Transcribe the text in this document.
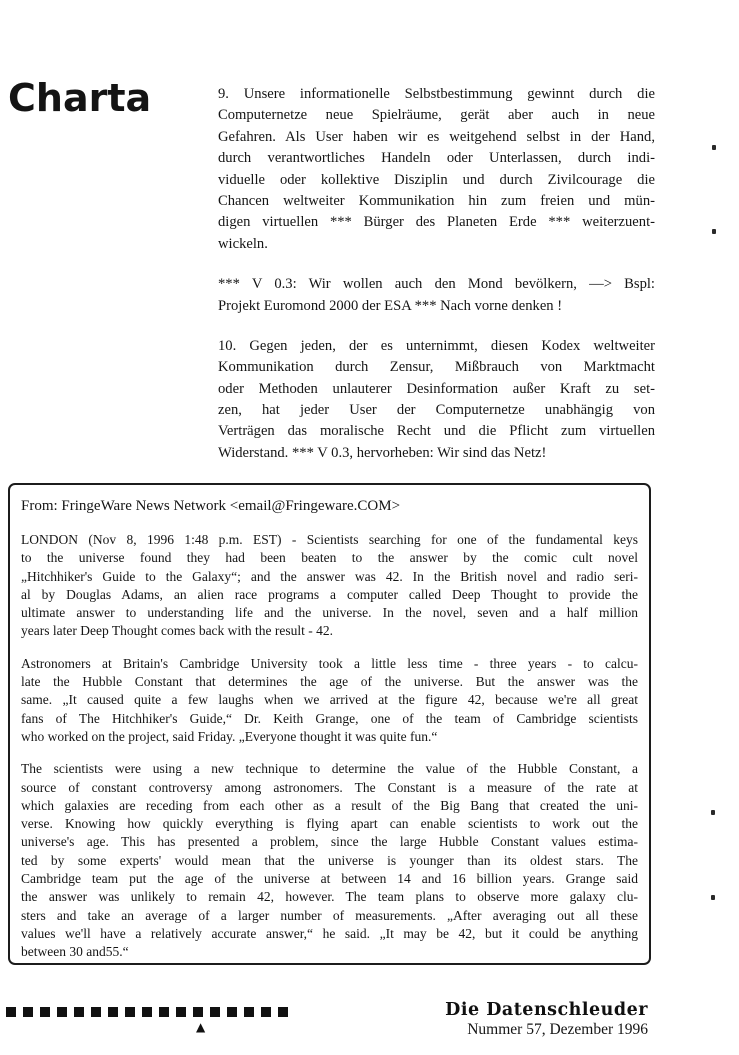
Charta	9. Unsere informationelle Selbstbestimmung gewinnt durch die
Computernetze neue Spielräume, gerät aber auch in neue
Gefahren. Als User haben wir es weitgehend selbst in der Hand,
durch verantwortliches Handeln oder Unterlassen, durch indi-
viduelle oder kollektive Disziplin und durch Zivilcourage die
Chancen weltweiter Kommunikation hin zum freien und mün-
digen virtuellen *** Bürger des Planeten Erde *** weiterzuent-
wickeln.
*** V 0.3: Wir wollen auch den Mond bevölkern, —> Bspl:
Projekt Euromond 2000 der ESA *** Nach vorne denken !
10. Gegen jeden, der es unternimmt, diesen Kodex weltweiter
Kommunikation durch Zensur, Mißbrauch von Marktmacht
oder Methoden unlauterer Desinformation außer Kraft zu set-
zen, hat jeder User der Computernetze unabhängig von
Verträgen das moralische Recht und die Pflicht zum virtuellen
Widerstand. *** V 0.3, hervorheben: Wir sind das Netz!
From: FringeWare News Network <email@Fringeware.COM>
LONDON (Nov 8, 1996 1:48 p.m. EST) - Scientists searching for one of the fundamental keys
to the universe found they had been beaten to the answer by the comic cult novel
„Hitchhiker's Guide to the Galaxy“; and the answer was 42. In the British novel and radio seri-
al by Douglas Adams, an alien race programs a computer called Deep Thought to provide the
ultimate answer to understanding life and the universe. In the novel, seven and a half million
years later Deep Thought comes back with the result - 42.
Astronomers at Britain's Cambridge University took a little less time - three years - to calcu-
late the Hubble Constant that determines the age of the universe. But the answer was the
same. „It caused quite a few laughs when we arrived at the figure 42, because we're all great
fans of The Hitchhiker's Guide,“ Dr. Keith Grange, one of the team of Cambridge scientists
who worked on the project, said Friday. „Everyone thought it was quite fun.“
The scientists were using a new technique to determine the value of the Hubble Constant, a
source of constant controversy among astronomers. The Constant is a measure of the rate at
which galaxies are receding from each other as a result of the Big Bang that created the uni-
verse. Knowing how quickly everything is flying apart can enable scientists to work out the
universe's age. This has presented a problem, since the large Hubble Constant values estima-
ted by some experts' would mean that the universe is younger than its oldest stars. The
Cambridge team put the age of the universe at between 14 and 16 billion years. Grange said
the answer was unlikely to remain 42, however. The team plans to observe more galaxy clu-
sters and take an average of a larger number of measurements. „After averaging out all these
values we'll have a relatively accurate answer,“ he said. „It may be 42, but it could be anything
between 30 and55.“
▲
Die Datenschleuder
Nummer 57, Dezember 1996
